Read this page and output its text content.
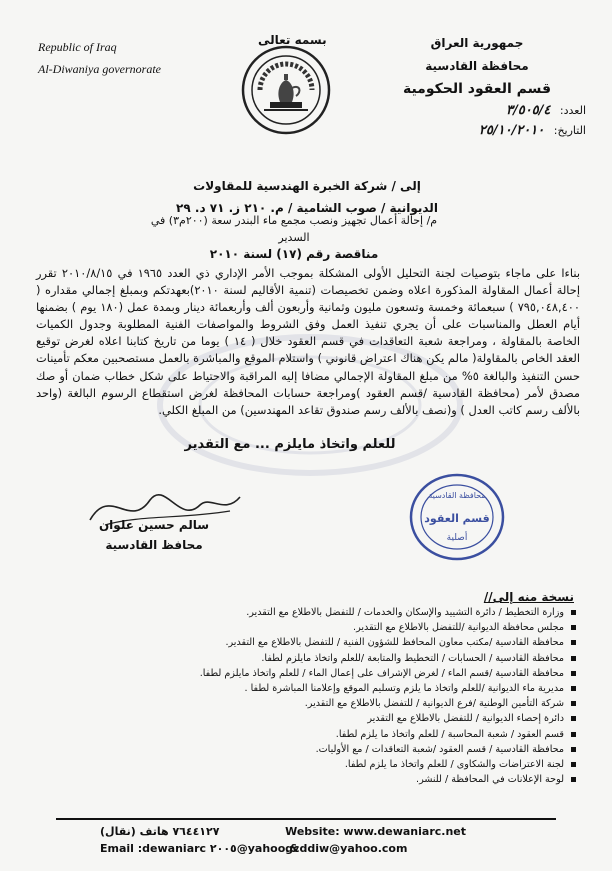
Republic of Iraq
Al-Diwaniya governorate
بسمه تعالى	جمهورية العراق
محافظة القادسية
قسم العقود الحكومية
العدد: ٣/٥٠٥/٤
التاريخ: ٢٥/١٠/٢٠١٠
إلى / شركة الخبرة الهندسية للمقاولات
الديوانية / صوب الشامية / م. ٢١٠ ز. ٧١ د. ٢٩
م/ إحالة أعمال تجهيز ونصب مجمع ماء البندر سعة (٢٠٠م٣) في السدير
مناقصة رقم (١٧) لسنة ٢٠١٠
بناءا على ماجاء بتوصيات لجنة التحليل الأولى المشكلة بموجب الأمر الإداري ذي العدد ١٩٦٥ في ٢٠١٠/٨/١٥ تقرر إحالة أعمال المقاولة المذكورة اعلاه وضمن تخصيصات (تنمية الأقاليم لسنة ٢٠١٠)بعهدتكم وبمبلغ إجمالي مقداره ( ٧٩٥,٠٤٨,٤٠٠ ) سبعمائة وخمسة وتسعون مليون وثمانية وأربعون ألف وأربعمائة دينار وبمدة عمل (١٨٠ يوم ) بضمنها أيام العطل والمناسبات على أن يجري تنفيذ العمل وفق الشروط والمواصفات الفنية المطلوبة وجدول الكميات الخاصة بالمقاولة ، ومراجعة شعبة التعاقدات في قسم العقود خلال ( ١٤ ) يوما من تاريخ كتابنا اعلاه لغرض توقيع العقد الخاص بالمقاولة( مالم يكن هناك اعتراض قانوني ) واستلام الموقع والمباشرة بالعمل مستصحبين معكم تأمينات حسن التنفيذ والبالغة ٥% من مبلغ المقاولة الإجمالي مضافا إليه المراقبة والاحتياط على شكل خطاب ضمان أو صك مصدق لأمر (محافظة القادسية /قسم العقود )ومراجعة حسابات المحافظة لغرض استقطاع الرسوم البالغة (واحد بالألف رسم كاتب العدل ) و(نصف بالألف رسم صندوق تقاعد المهندسين) من المبلغ الكلي.
للعلم واتخاذ مايلزم ... مع التقدير
سالم حسين علوان
محافظ القادسية
محافظة القادسية
قسم العقود
أصلية
نسخة منه إلى//
وزارة التخطيط / دائرة التشييد والإسكان والخدمات / للتفضل بالاطلاع مع التقدير.
مجلس محافظة الديوانية /للتفضل بالاطلاع مع التقدير.
محافظة القادسية /مكتب معاون المحافظ للشؤون الفنية / للتفضل بالاطلاع مع التقدير.
محافظة القادسية / الحسابات / التخطيط والمتابعة /للعلم واتخاذ مايلزم لطفا.
محافظة القادسية /قسم الماء / لغرض الإشراف على إعمال الماء / للعلم واتخاذ مايلزم لطفا.
مديرية ماء الديوانية /للعلم واتخاذ ما يلزم وتسليم الموقع وإعلامنا المباشرة لطفا .
شركة التأمين الوطنية /فرع الديوانية / للتفضل بالاطلاع مع التقدير.
دائرة إحصاء الديوانية / للتفضل بالاطلاع مع التقدير
قسم العقود / شعبة المحاسبة / للعلم واتخاذ ما يلزم لطفا.
محافظة القادسية / قسم العقود /شعبة التعاقدات / مع الأوليات.
لجنة الاعتراضات والشكاوى / للعلم واتخاذ ما يلزم لطفا.
لوحة الإعلانات في المحافظة / للنشر.
٧٦٤٤١٢٧ هاتف (نقال)
Email :dewaniarc ٢٠٠٥@yahoo.&
Website: www.dewaniarc.net
gcddiw@yahoo.com
